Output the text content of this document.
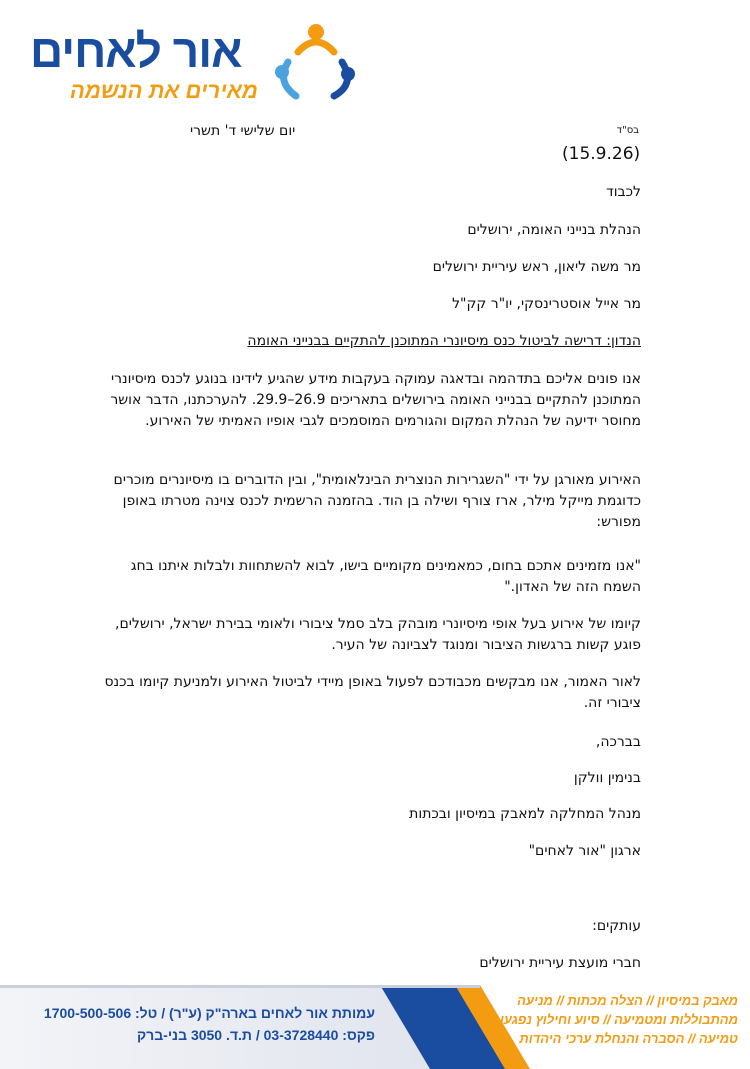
אור לאחים
מאירים את הנשמה
בס"ד
יום שלישי ד' תשרי
(15.9.26)
לכבוד
הנהלת בנייני האומה, ירושלים
מר משה ליאון, ראש עיריית ירושלים
מר אייל אוסטרינסקי, יו"ר קק"ל
הנדון: דרישה לביטול כנס מיסיונרי המתוכנן להתקיים בבנייני האומה

אנו פונים אליכם בתדהמה ובדאגה עמוקה בעקבות מידע שהגיע לידינו בנוגע לכנס מיסיונרי המתוכנן להתקיים בבנייני האומה בירושלים בתאריכים 26.9–29.9. להערכתנו, הדבר אושר מחוסר ידיעה של הנהלת המקום והגורמים המוסמכים לגבי אופיו האמיתי של האירוע.

האירוע מאורגן על ידי "השגרירות הנוצרית הבינלאומית", ובין הדוברים בו מיסיונרים מוכרים כדוגמת מייקל מילר, ארז צורף ושילה בן הוד. בהזמנה הרשמית לכנס צוינה מטרתו באופן מפורש:

"אנו מזמינים אתכם בחום, כמאמינים מקומיים בישו, לבוא להשתחוות ולבלות איתנו בחג השמח הזה של האדון."

קיומו של אירוע בעל אופי מיסיונרי מובהק בלב סמל ציבורי ולאומי בבירת ישראל, ירושלים, פוגע קשות ברגשות הציבור ומנוגד לצביונה של העיר.

לאור האמור, אנו מבקשים מכבודכם לפעול באופן מיידי לביטול האירוע ולמניעת קיומו בכנס ציבורי זה.

בברכה,
בנימין וולקן
מנהל המחלקה למאבק במיסיון ובכתות
ארגון "אור לאחים"
עותקים:
חברי מועצת עיריית ירושלים
עמותת אור לאחים בארה"ק (ע"ר) / טל: 1700-500-506
פקס: 03-3728440 / ת.ד. 3050 בני-ברק
מאבק במיסיון // הצלה מכתות // מניעה
מהתבוללות ומטמיעה // סיוע וחילוץ נפגעות
טמיעה // הסברה והנחלת ערכי היהדות
